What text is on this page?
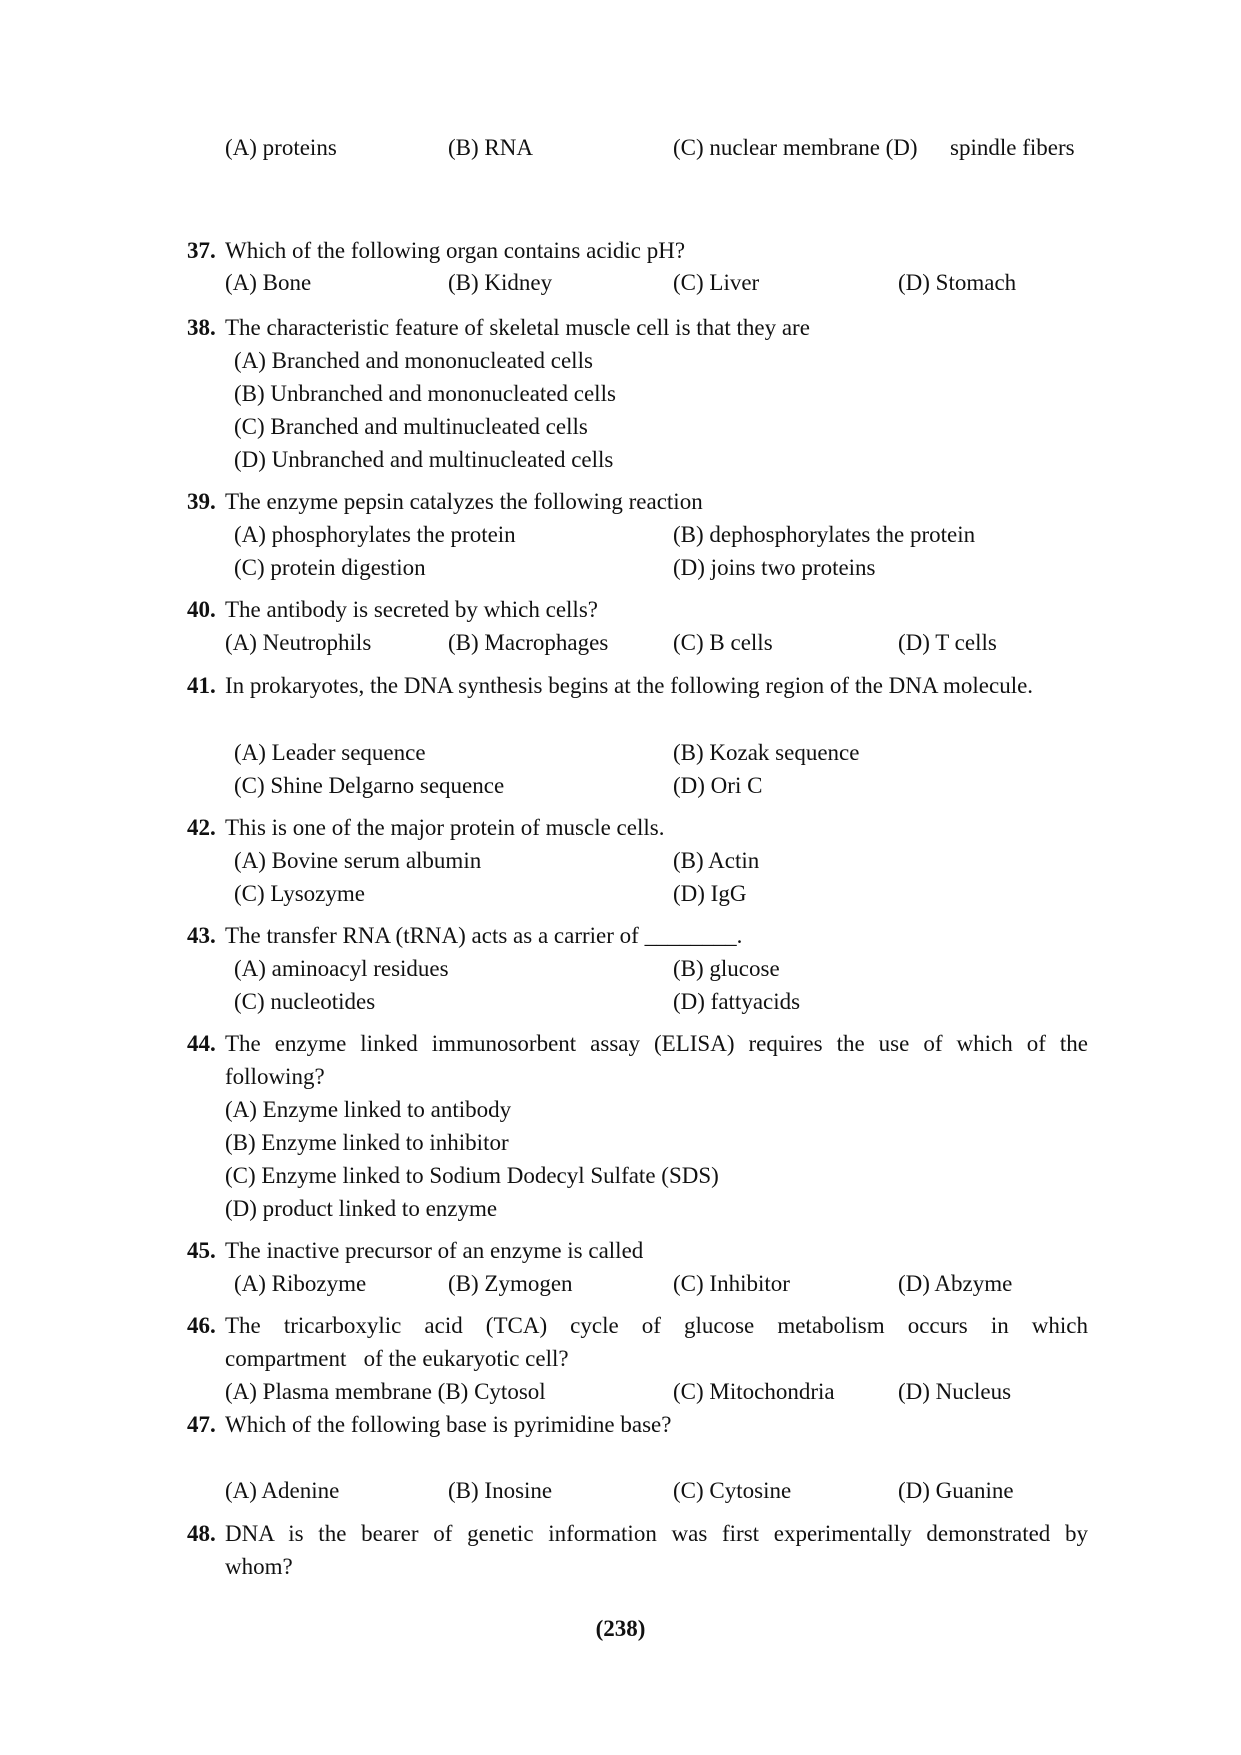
(A) proteins	(B) RNA	(C) nuclear membrane (D) spindle fibers
37. Which of the following organ contains acidic pH?
(A) Bone	(B) Kidney	(C) Liver	(D) Stomach
38. The characteristic feature of skeletal muscle cell is that they are
(A) Branched and mononucleated cells
(B) Unbranched and mononucleated cells
(C) Branched and multinucleated cells
(D) Unbranched and multinucleated cells
39. The enzyme pepsin catalyzes the following reaction
(A) phosphorylates the protein	(B) dephosphorylates the protein
(C) protein digestion	(D) joins two proteins
40. The antibody is secreted by which cells?
(A) Neutrophils	(B) Macrophages	(C) B cells	(D) T cells
41. In prokaryotes, the DNA synthesis begins at the following region of the DNA molecule.
(A) Leader sequence	(B) Kozak sequence
(C) Shine Delgarno sequence	(D) Ori C
42. This is one of the major protein of muscle cells.
(A) Bovine serum albumin	(B) Actin
(C) Lysozyme	(D) IgG
43. The transfer RNA (tRNA) acts as a carrier of ________.
(A) aminoacyl residues	(B) glucose
(C) nucleotides	(D) fattyacids
44. The enzyme linked immunosorbent assay (ELISA) requires the use of which of the
following?
(A) Enzyme linked to antibody
(B) Enzyme linked to inhibitor
(C) Enzyme linked to Sodium Dodecyl Sulfate (SDS)
(D) product linked to enzyme
45. The inactive precursor of an enzyme is called
(A) Ribozyme	(B) Zymogen	(C) Inhibitor	(D) Abzyme
46. The tricarboxylic acid (TCA) cycle of glucose metabolism occurs in which
compartment   of the eukaryotic cell?
(A) Plasma membrane (B) Cytosol	(C) Mitochondria	(D) Nucleus
47. Which of the following base is pyrimidine base?
(A) Adenine	(B) Inosine	(C) Cytosine	(D) Guanine
48. DNA is the bearer of genetic information was first experimentally demonstrated by
whom?
(238)
